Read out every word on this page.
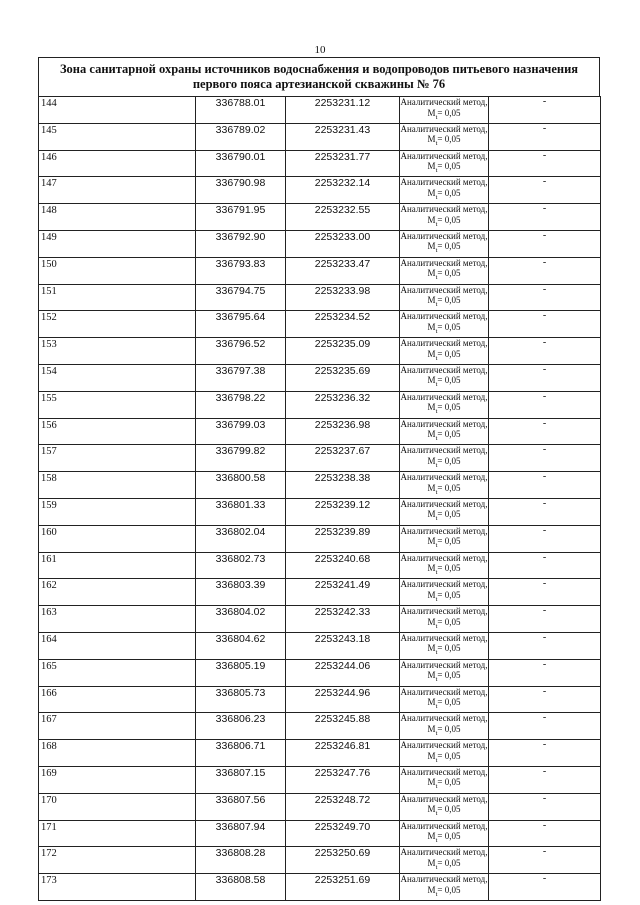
10
Зона санитарной охраны источников водоснабжения и водопроводов питьевого назначения
первого пояса артезианской скважины № 76
144	336788.01	2253231.12	Аналитический метод,
$M_t= 0,05$	-
145	336789.02	2253231.43	Аналитический метод,
$M_t= 0,05$	-
146	336790.01	2253231.77	Аналитический метод,
$M_t= 0,05$	-
147	336790.98	2253232.14	Аналитический метод,
$M_t= 0,05$	-
148	336791.95	2253232.55	Аналитический метод,
$M_t= 0,05$	-
149	336792.90	2253233.00	Аналитический метод,
$M_t= 0,05$	-
150	336793.83	2253233.47	Аналитический метод,
$M_t= 0,05$	-
151	336794.75	2253233.98	Аналитический метод,
$M_t= 0,05$	-
152	336795.64	2253234.52	Аналитический метод,
$M_t= 0,05$	-
153	336796.52	2253235.09	Аналитический метод,
$M_t= 0,05$	-
154	336797.38	2253235.69	Аналитический метод,
$M_t= 0,05$	-
155	336798.22	2253236.32	Аналитический метод,
$M_t= 0,05$	-
156	336799.03	2253236.98	Аналитический метод,
$M_t= 0,05$	-
157	336799.82	2253237.67	Аналитический метод,
$M_t= 0,05$	-
158	336800.58	2253238.38	Аналитический метод,
$M_t= 0,05$	-
159	336801.33	2253239.12	Аналитический метод,
$M_t= 0,05$	-
160	336802.04	2253239.89	Аналитический метод,
$M_t= 0,05$	-
161	336802.73	2253240.68	Аналитический метод,
$M_t= 0,05$	-
162	336803.39	2253241.49	Аналитический метод,
$M_t= 0,05$	-
163	336804.02	2253242.33	Аналитический метод,
$M_t= 0,05$	-
164	336804.62	2253243.18	Аналитический метод,
$M_t= 0,05$	-
165	336805.19	2253244.06	Аналитический метод,
$M_t= 0,05$	-
166	336805.73	2253244.96	Аналитический метод,
$M_t= 0,05$	-
167	336806.23	2253245.88	Аналитический метод,
$M_t= 0,05$	-
168	336806.71	2253246.81	Аналитический метод,
$M_t= 0,05$	-
169	336807.15	2253247.76	Аналитический метод,
$M_t= 0,05$	-
170	336807.56	2253248.72	Аналитический метод,
$M_t= 0,05$	-
171	336807.94	2253249.70	Аналитический метод,
$M_t= 0,05$	-
172	336808.28	2253250.69	Аналитический метод,
$M_t= 0,05$	-
173	336808.58	2253251.69	Аналитический метод,
$M_t= 0,05$	-
